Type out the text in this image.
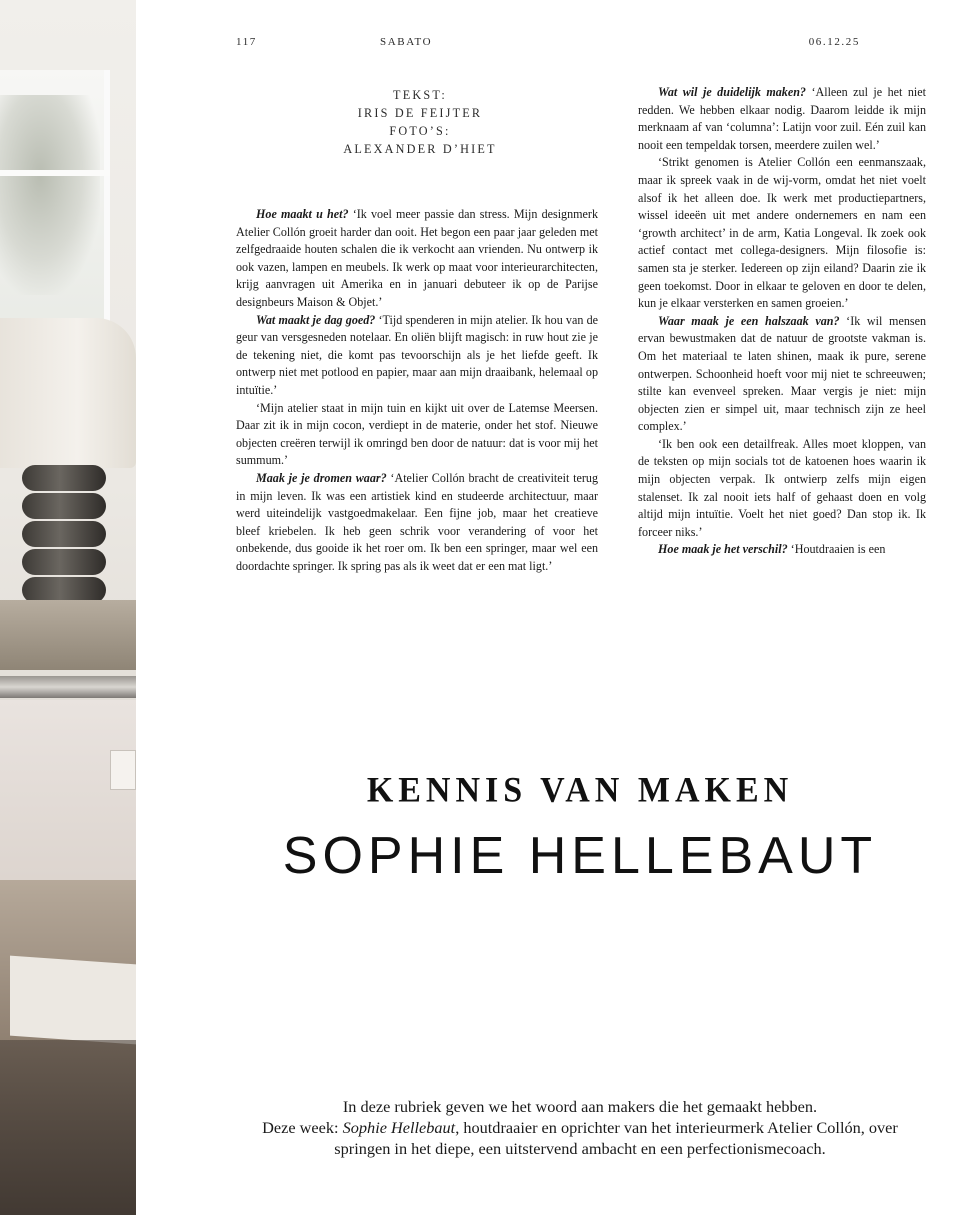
117	SABATO	06.12.25
TEKST:
IRIS DE FEIJTER
FOTO’S:
ALEXANDER D’HIET

Hoe maakt u het? ‘Ik voel meer passie dan stress. Mijn designmerk Atelier Collón groeit harder dan ooit. Het begon een paar jaar geleden met zelfgedraaide houten schalen die ik verkocht aan vrienden. Nu ontwerp ik ook vazen, lampen en meubels. Ik werk op maat voor interieurarchitecten, krijg aanvragen uit Amerika en in januari debuteer ik op de Parijse designbeurs Maison & Objet.’

Wat maakt je dag goed? ‘Tijd spenderen in mijn atelier. Ik hou van de geur van versgesneden notelaar. En oliën blijft magisch: in ruw hout zie je de tekening niet, die komt pas tevoorschijn als je het liefde geeft. Ik ontwerp niet met potlood en papier, maar aan mijn draaibank, helemaal op intuïtie.’

‘Mijn atelier staat in mijn tuin en kijkt uit over de Latemse Meersen. Daar zit ik in mijn cocon, verdiept in de materie, onder het stof. Nieuwe objecten creëren terwijl ik omringd ben door de natuur: dat is voor mij het summum.’

Maak je je dromen waar? ‘Atelier Collón bracht de creativiteit terug in mijn leven. Ik was een artistiek kind en studeerde architectuur, maar werd uiteindelijk vastgoedmakelaar. Een fijne job, maar het creatieve bleef kriebelen. Ik heb geen schrik voor verandering of voor het onbekende, dus gooide ik het roer om. Ik ben een springer, maar wel een doordachte springer. Ik spring pas als ik weet dat er een mat ligt.’

Wat wil je duidelijk maken? ‘Alleen zul je het niet redden. We hebben elkaar nodig. Daarom leidde ik mijn merknaam af van ‘columna’: Latijn voor zuil. Eén zuil kan nooit een tempeldak torsen, meerdere zuilen wel.’

‘Strikt genomen is Atelier Collón een eenmanszaak, maar ik spreek vaak in de wij-vorm, omdat het niet voelt alsof ik het alleen doe. Ik werk met productiepartners, wissel ideeën uit met andere ondernemers en nam een ‘growth architect’ in de arm, Katia Longeval. Ik zoek ook actief contact met collega-designers. Mijn filosofie is: samen sta je sterker. Iedereen op zijn eiland? Daarin zie ik geen toekomst. Door in elkaar te geloven en door te delen, kun je elkaar versterken en samen groeien.’

Waar maak je een halszaak van? ‘Ik wil mensen ervan bewustmaken dat de natuur de grootste vakman is. Om het materiaal te laten shinen, maak ik pure, serene ontwerpen. Schoonheid hoeft voor mij niet te schreeuwen; stilte kan evenveel spreken. Maar vergis je niet: mijn objecten zien er simpel uit, maar technisch zijn ze heel complex.’

‘Ik ben ook een detailfreak. Alles moet kloppen, van de teksten op mijn socials tot de katoenen hoes waarin ik mijn objecten verpak. Ik ontwierp zelfs mijn eigen stalenset. Ik zal nooit iets half of gehaast doen en volg altijd mijn intuïtie. Voelt het niet goed? Dan stop ik. Ik forceer niks.’

Hoe maak je het verschil? ‘Houtdraaien is een

KENNIS VAN MAKEN
SOPHIE HELLEBAUT
In deze rubriek geven we het woord aan makers die het gemaakt hebben.
Deze week: Sophie Hellebaut, houtdraaier en oprichter van het interieurmerk Atelier Collón, over
springen in het diepe, een uitstervend ambacht en een perfectionismecoach.
